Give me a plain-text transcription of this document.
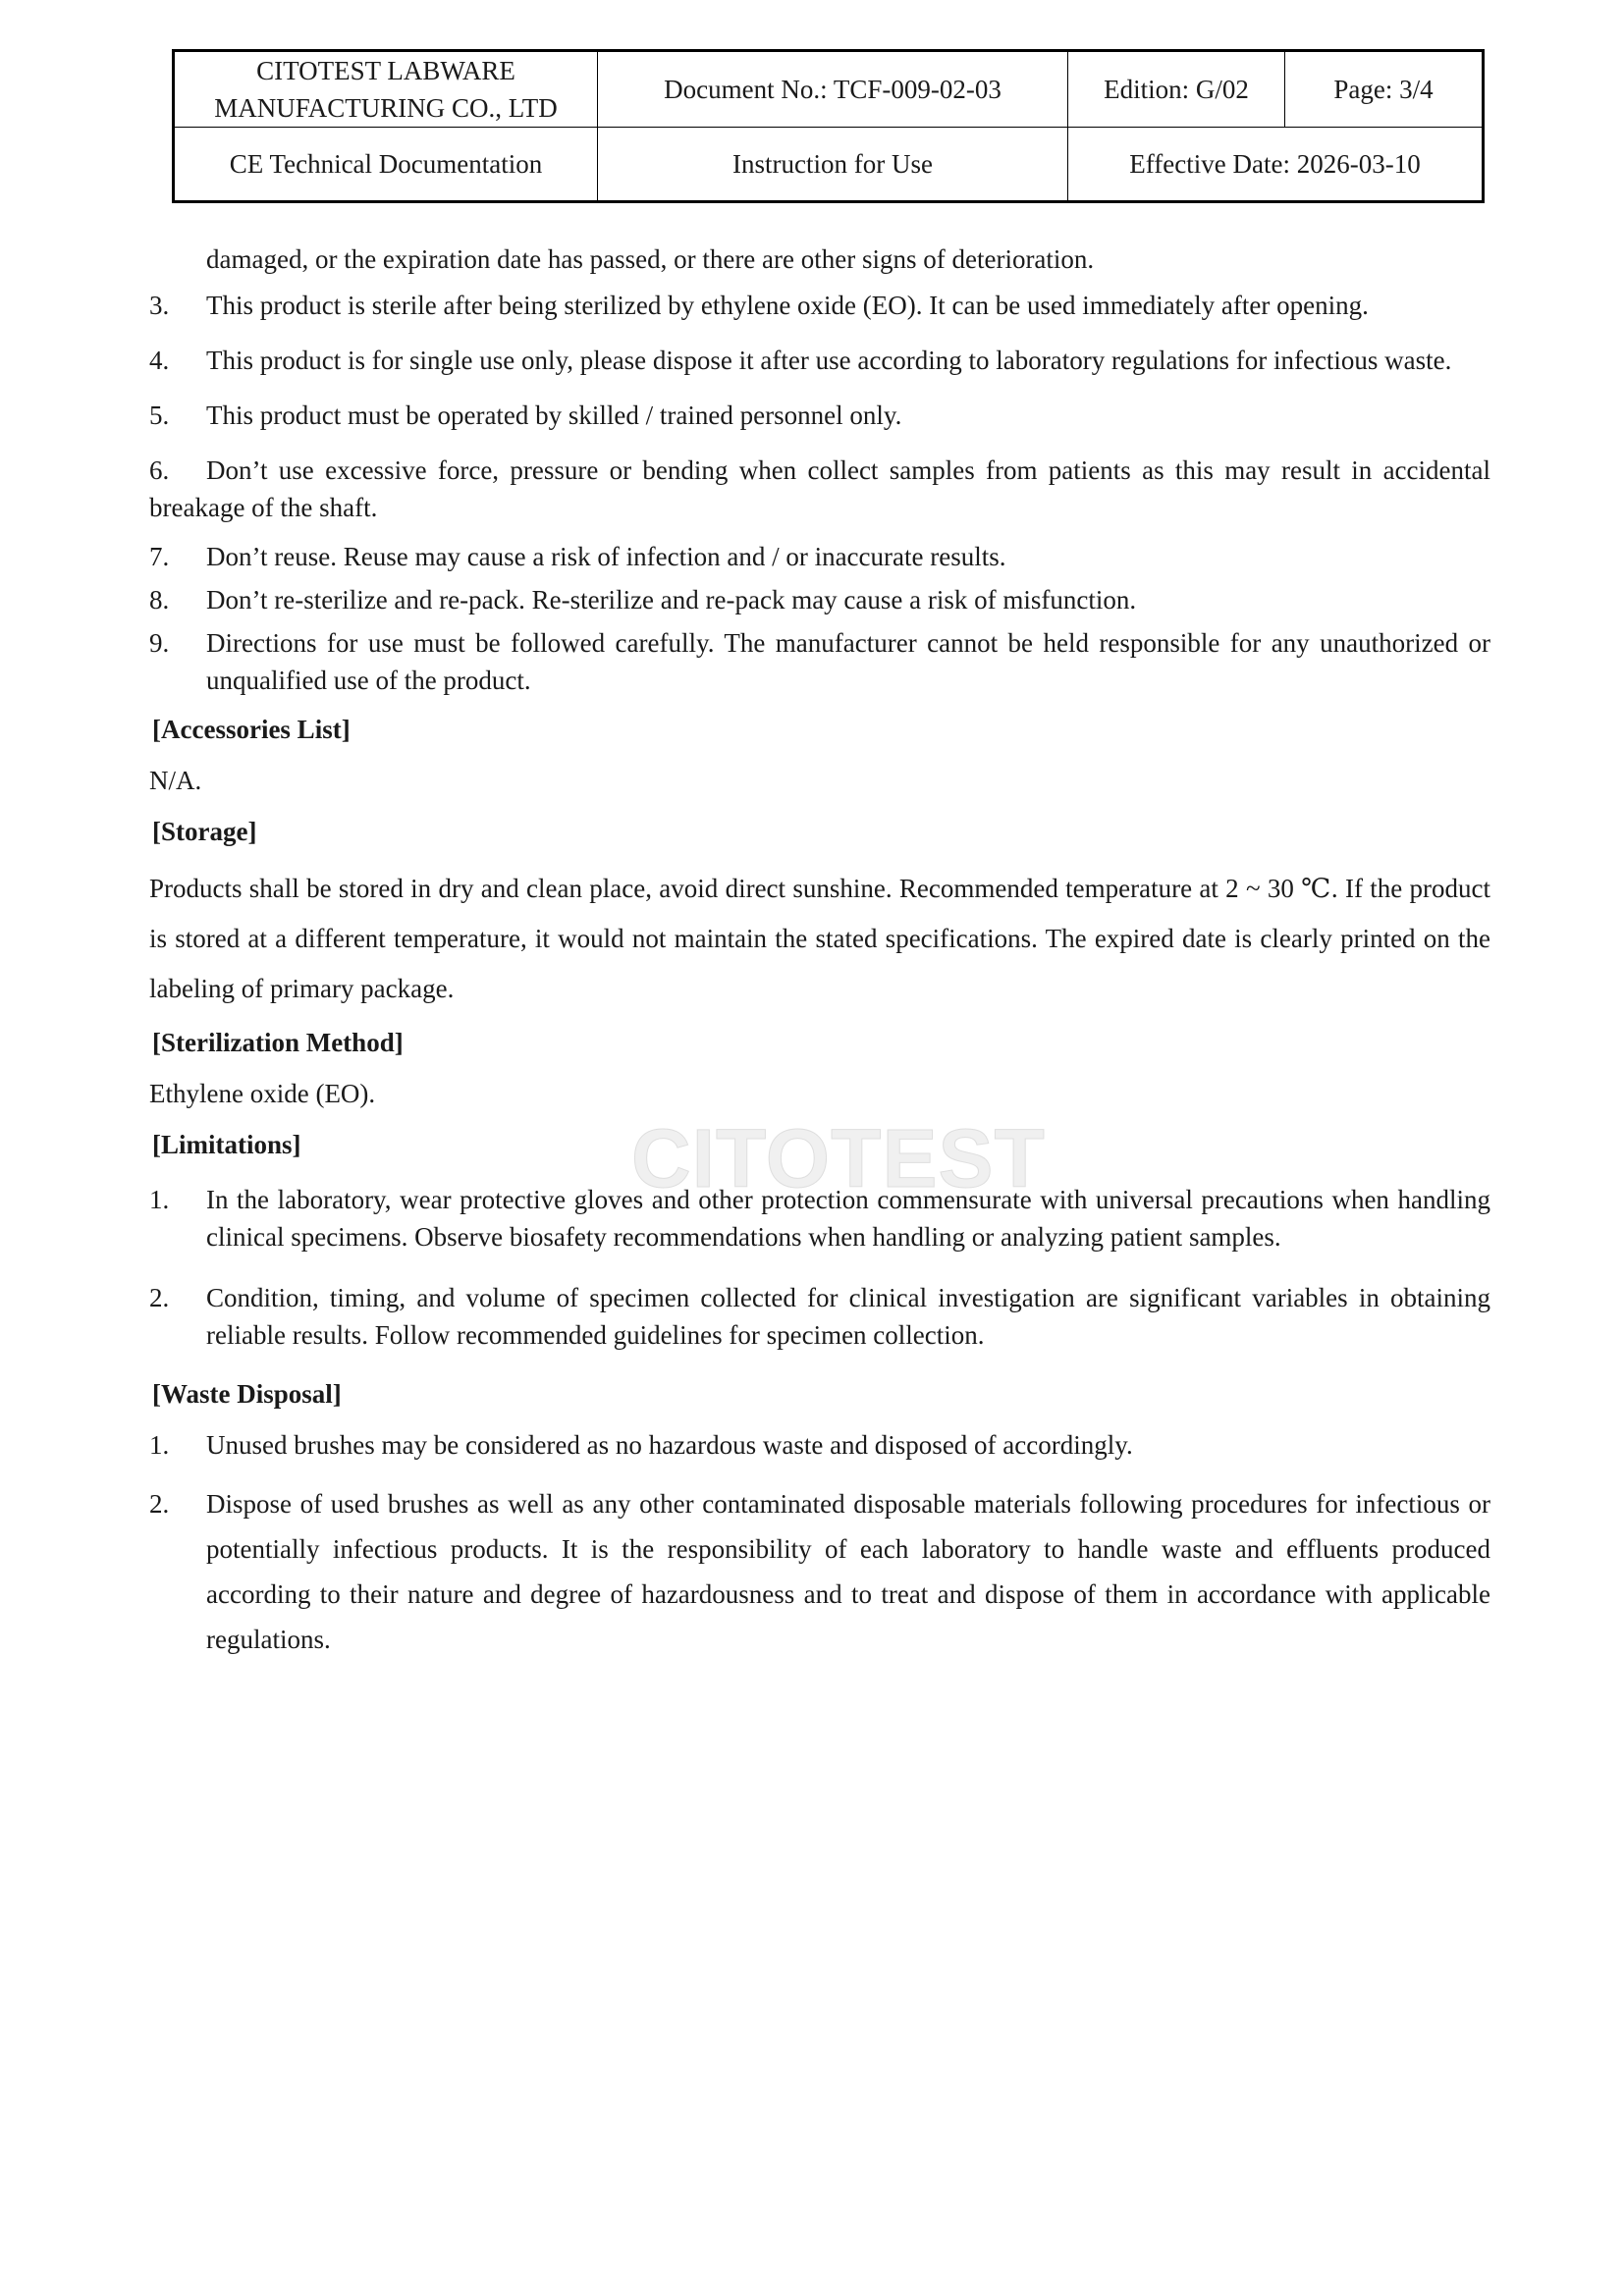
CITOTEST LABWARE
MANUFACTURING CO., LTD	Document No.: TCF-009-02-03	Edition: G/02	Page: 3/4
CE Technical Documentation	Instruction for Use	Effective Date: 2026-03-10	
CITOTEST

damaged, or the expiration date has passed, or there are other signs of deterioration.

3.	This product is sterile after being sterilized by ethylene oxide (EO). It can be used immediately after opening.
4.	This product is for single use only, please dispose it after use according to laboratory regulations for infectious waste.
5.	This product must be operated by skilled / trained personnel only.
6. Don’t use excessive force, pressure or bending when collect samples from patients as this may result in accidental breakage of the shaft.
7.	Don’t reuse. Reuse may cause a risk of infection and / or inaccurate results.
8.	Don’t re-sterilize and re-pack. Re-sterilize and re-pack may cause a risk of misfunction.
9.	Directions for use must be followed carefully. The manufacturer cannot be held responsible for any unauthorized or unqualified use of the product.
[Accessories List]

N/A.

[Storage]

Products shall be stored in dry and clean place, avoid direct sunshine. Recommended temperature at 2 ~ 30 ℃. If the product is stored at a different temperature, it would not maintain the stated specifications. The expired date is clearly printed on the labeling of primary package.

[Sterilization Method]

Ethylene oxide (EO).

[Limitations]
1.	In the laboratory, wear protective gloves and other protection commensurate with universal precautions when handling clinical specimens. Observe biosafety recommendations when handling or analyzing patient samples.
2.	Condition, timing, and volume of specimen collected for clinical investigation are significant variables in obtaining reliable results. Follow recommended guidelines for specimen collection.
[Waste Disposal]
1.	Unused brushes may be considered as no hazardous waste and disposed of accordingly.
2.	Dispose of used brushes as well as any other contaminated disposable materials following procedures for infectious or potentially infectious products. It is the responsibility of each laboratory to handle waste and effluents produced according to their nature and degree of hazardousness and to treat and dispose of them in accordance with applicable regulations.
